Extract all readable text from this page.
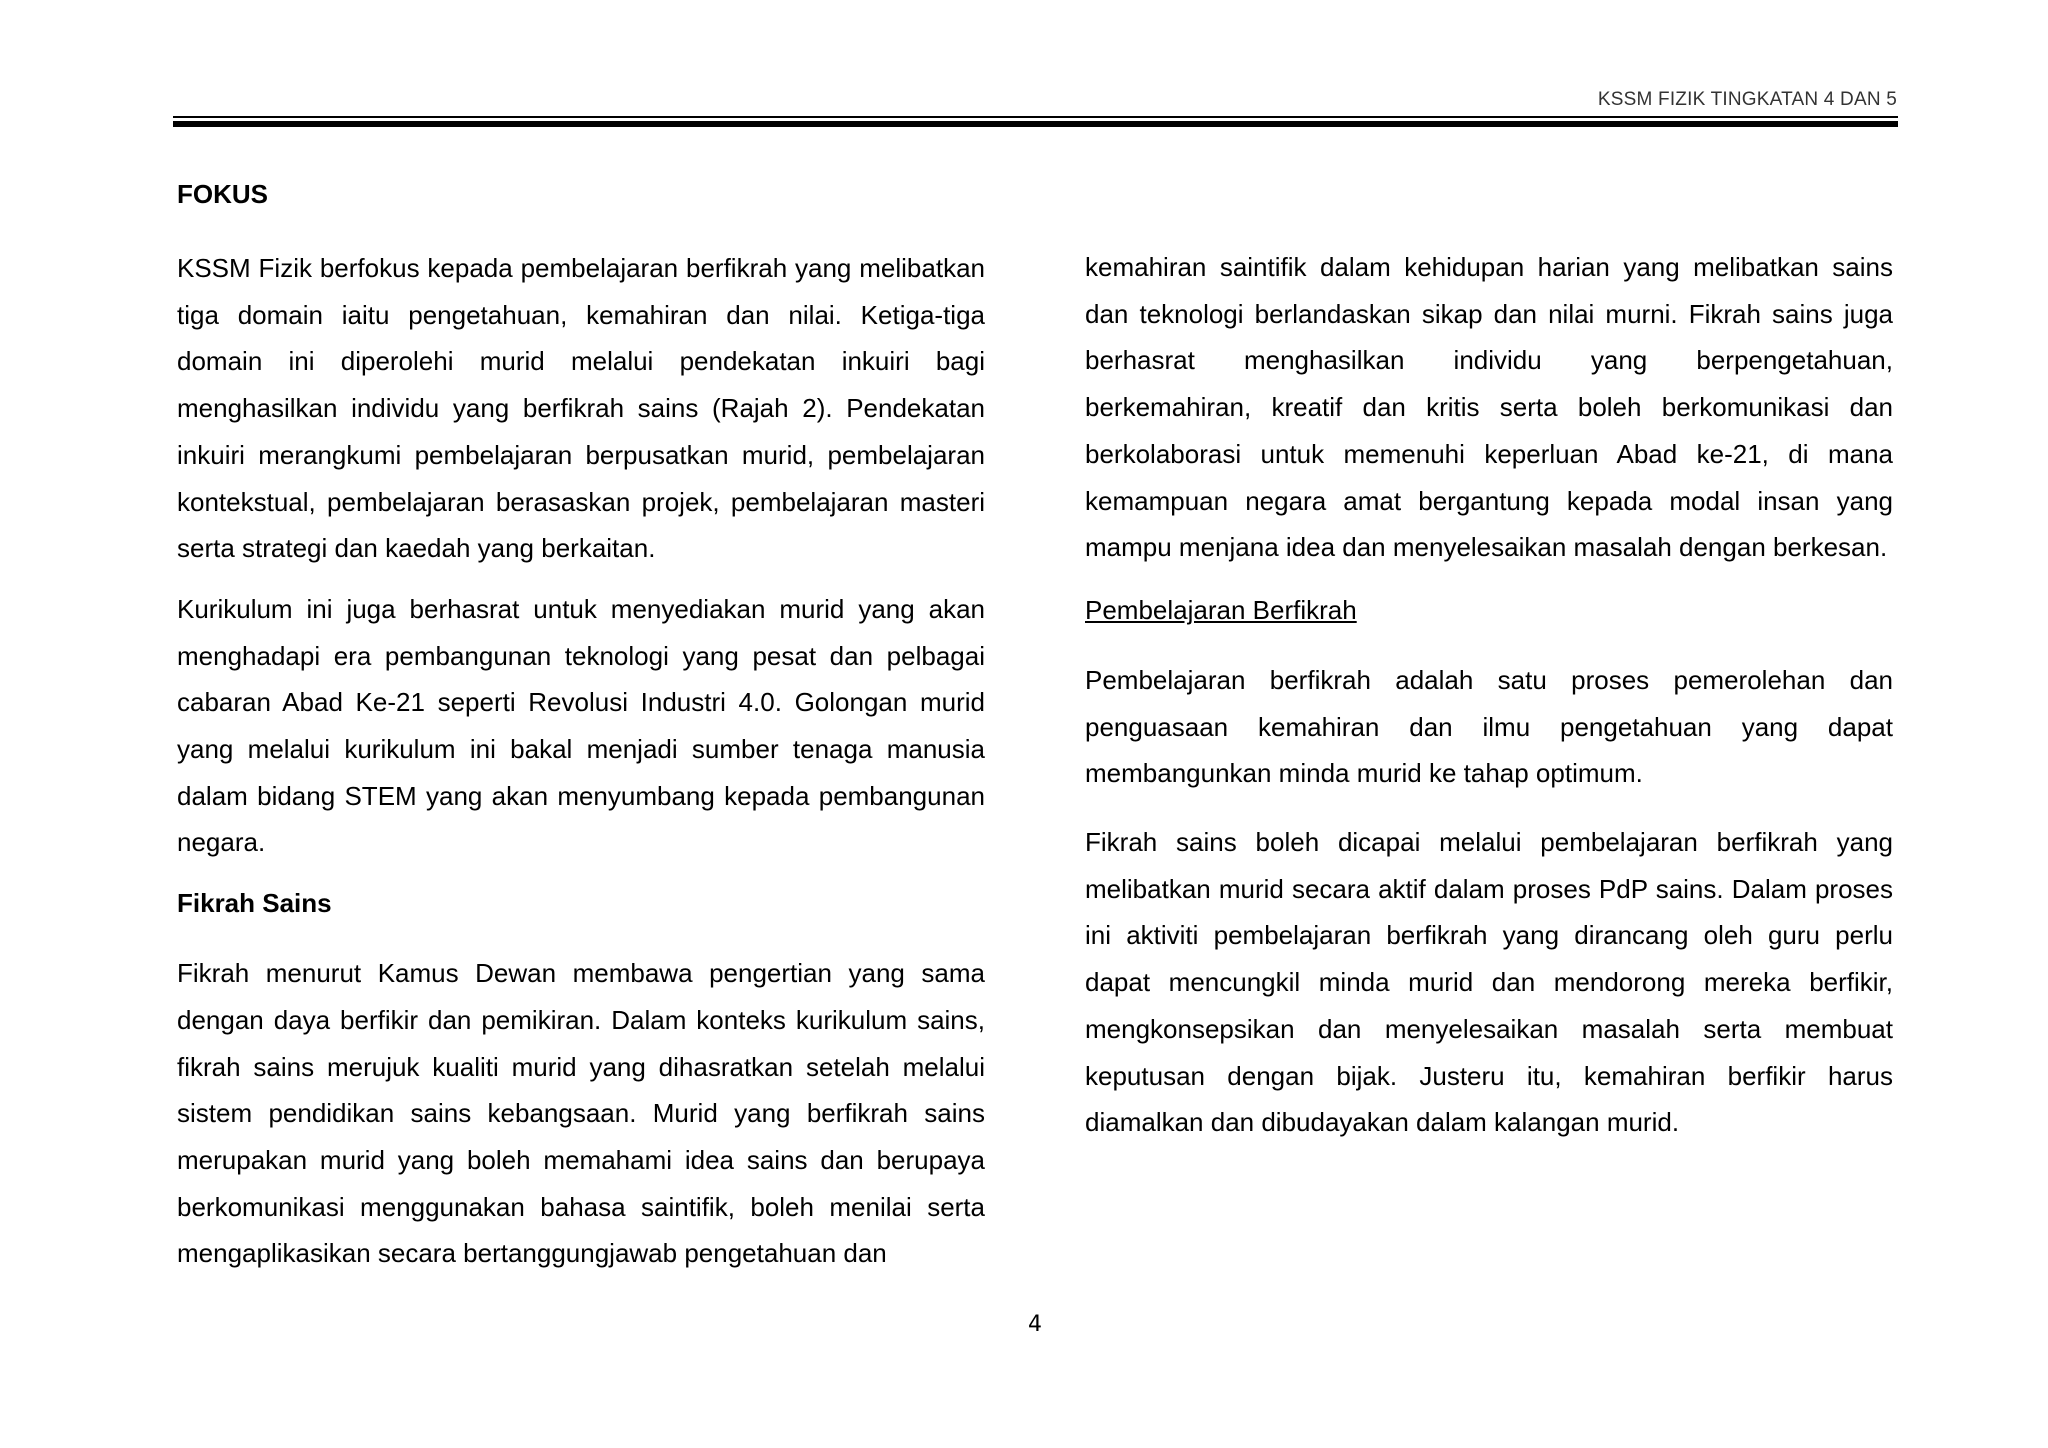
KSSM FIZIK TINGKATAN 4 DAN 5
FOKUS

KSSM Fizik berfokus kepada pembelajaran berfikrah yang melibatkan tiga domain iaitu pengetahuan, kemahiran dan nilai. Ketiga-tiga domain ini diperolehi murid melalui pendekatan inkuiri bagi menghasilkan individu yang berfikrah sains (Rajah 2). Pendekatan inkuiri merangkumi pembelajaran berpusatkan murid, pembelajaran kontekstual, pembelajaran berasaskan projek, pembelajaran masteri serta strategi dan kaedah yang berkaitan.

Kurikulum ini juga berhasrat untuk menyediakan murid yang akan menghadapi era pembangunan teknologi yang pesat dan pelbagai cabaran Abad Ke-21 seperti Revolusi Industri 4.0. Golongan murid yang melalui kurikulum ini bakal menjadi sumber tenaga manusia dalam bidang STEM yang akan menyumbang kepada pembangunan negara.

Fikrah Sains

Fikrah menurut Kamus Dewan membawa pengertian yang sama dengan daya berfikir dan pemikiran. Dalam konteks kurikulum sains, fikrah sains merujuk kualiti murid yang dihasratkan setelah melalui sistem pendidikan sains kebangsaan. Murid yang berfikrah sains merupakan murid yang boleh memahami idea sains dan berupaya berkomunikasi menggunakan bahasa saintifik, boleh menilai serta mengaplikasikan secara bertanggungjawab pengetahuan dan

kemahiran saintifik dalam kehidupan harian yang melibatkan sains dan teknologi berlandaskan sikap dan nilai murni. Fikrah sains juga berhasrat menghasilkan individu yang berpengetahuan, berkemahiran, kreatif dan kritis serta boleh berkomunikasi dan berkolaborasi untuk memenuhi keperluan Abad ke-21, di mana kemampuan negara amat bergantung kepada modal insan yang mampu menjana idea dan menyelesaikan masalah dengan berkesan.

Pembelajaran Berfikrah

Pembelajaran berfikrah adalah satu proses pemerolehan dan penguasaan kemahiran dan ilmu pengetahuan yang dapat membangunkan minda murid ke tahap optimum.

Fikrah sains boleh dicapai melalui pembelajaran berfikrah yang melibatkan murid secara aktif dalam proses PdP sains. Dalam proses ini aktiviti pembelajaran berfikrah yang dirancang oleh guru perlu dapat mencungkil minda murid dan mendorong mereka berfikir, mengkonsepsikan dan menyelesaikan masalah serta membuat keputusan dengan bijak. Justeru itu, kemahiran berfikir harus diamalkan dan dibudayakan dalam kalangan murid.

4
